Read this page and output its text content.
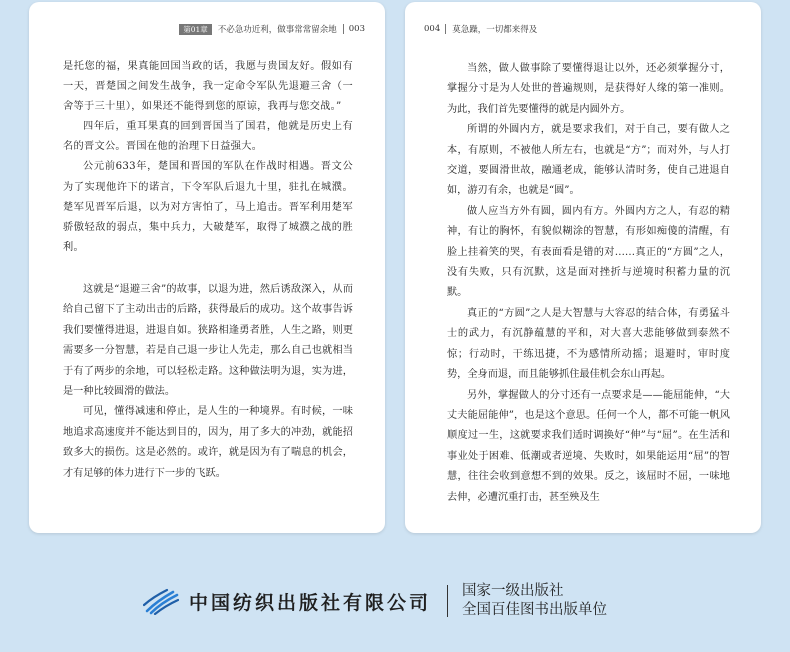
第01章	不必急功近利，做事常常留余地	003

是托您的福，果真能回国当政的话，我愿与贵国友好。假如有一天，晋楚国之间发生战争，我一定命令军队先退避三舍（一舍等于三十里），如果还不能得到您的原谅，我再与您交战。”

四年后，重耳果真的回到晋国当了国君，他就是历史上有名的晋文公。晋国在他的治理下日益强大。

公元前633年，楚国和晋国的军队在作战时相遇。晋文公为了实现他许下的诺言，下令军队后退九十里，驻扎在城濮。楚军见晋军后退，以为对方害怕了，马上追击。晋军利用楚军骄傲轻敌的弱点，集中兵力，大破楚军，取得了城濮之战的胜利。

这就是“退避三舍”的故事，以退为进，然后诱敌深入，从而给自己留下了主动出击的后路，获得最后的成功。这个故事告诉我们要懂得进退，进退自如。狭路相逢勇者胜，人生之路，则更需要多一分智慧，若是自己退一步让人先走，那么自己也就相当于有了两步的余地，可以轻松走路。这种做法明为退，实为进，是一种比较圆滑的做法。

可见，懂得减速和停止，是人生的一种境界。有时候，一味地追求高速度并不能达到目的，因为，用了多大的冲劲，就能招致多大的损伤。这是必然的。或许，就是因为有了喘息的机会，才有足够的体力进行下一步的飞跃。

004	莫急躁，一切都来得及

当然，做人做事除了要懂得退让以外，还必须掌握分寸，掌握分寸是为人处世的普遍规则，是获得好人缘的第一准则。为此，我们首先要懂得的就是内圆外方。

所谓的外圆内方，就是要求我们，对于自己，要有做人之本，有原则，不被他人所左右，也就是“方”；而对外，与人打交道，要圆滑世故，融通老成，能够认清时务，使自己进退自如，游刃有余，也就是“圆”。

做人应当方外有圆，圆内有方。外圆内方之人，有忍的精神，有让的胸怀，有貌似糊涂的智慧，有形如痴傻的清醒，有脸上挂着笑的哭，有表面看是错的对……真正的“方圆”之人，没有失败，只有沉默，这是面对挫折与逆境时积蓄力量的沉默。

真正的“方圆”之人是大智慧与大容忍的结合体，有勇猛斗士的武力，有沉静蕴慧的平和，对大喜大悲能够做到泰然不惊；行动时，干练迅捷，不为感情所动摇；退避时，审时度势，全身而退，而且能够抓住最佳机会东山再起。

另外，掌握做人的分寸还有一点要求是——能屈能伸，“大丈夫能屈能伸”，也是这个意思。任何一个人，都不可能一帆风顺度过一生，这就要求我们适时调换好“伸”与“屈”。在生活和事业处于困难、低潮或者逆境、失败时，如果能运用“屈”的智慧，往往会收到意想不到的效果。反之，该屈时不屈，一味地去伸，必遭沉重打击，甚至殃及生

中国纺织出版社有限公司
国家一级出版社
全国百佳图书出版单位
